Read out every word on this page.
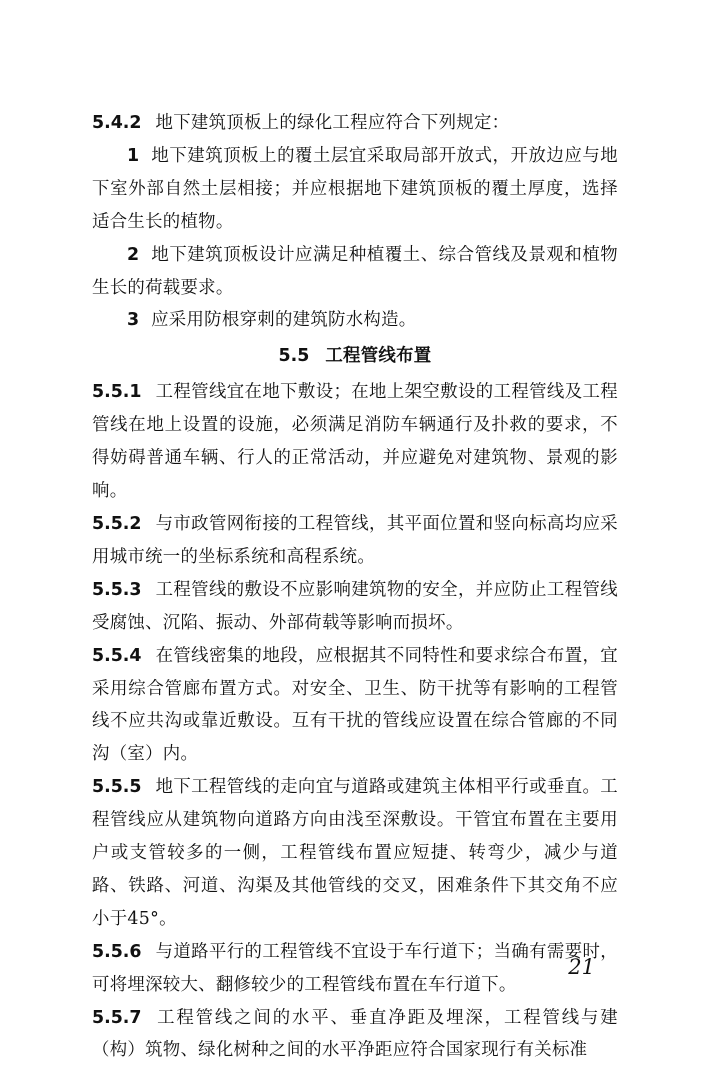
5.4.2 地下建筑顶板上的绿化工程应符合下列规定：

1 地下建筑顶板上的覆土层宜采取局部开放式，开放边应与地下室外部自然土层相接；并应根据地下建筑顶板的覆土厚度，选择适合生长的植物。

2 地下建筑顶板设计应满足种植覆土、综合管线及景观和植物生长的荷载要求。

3 应采用防根穿刺的建筑防水构造。

5.5 工程管线布置

5.5.1 工程管线宜在地下敷设；在地上架空敷设的工程管线及工程管线在地上设置的设施，必须满足消防车辆通行及扑救的要求，不得妨碍普通车辆、行人的正常活动，并应避免对建筑物、景观的影响。

5.5.2 与市政管网衔接的工程管线，其平面位置和竖向标高均应采用城市统一的坐标系统和高程系统。

5.5.3 工程管线的敷设不应影响建筑物的安全，并应防止工程管线受腐蚀、沉陷、振动、外部荷载等影响而损坏。

5.5.4 在管线密集的地段，应根据其不同特性和要求综合布置，宜采用综合管廊布置方式。对安全、卫生、防干扰等有影响的工程管线不应共沟或靠近敷设。互有干扰的管线应设置在综合管廊的不同沟（室）内。

5.5.5 地下工程管线的走向宜与道路或建筑主体相平行或垂直。工程管线应从建筑物向道路方向由浅至深敷设。干管宜布置在主要用户或支管较多的一侧，工程管线布置应短捷、转弯少，减少与道路、铁路、河道、沟渠及其他管线的交叉，困难条件下其交角不应小于45°。

5.5.6 与道路平行的工程管线不宜设于车行道下；当确有需要时，可将埋深较大、翻修较少的工程管线布置在车行道下。

5.5.7 工程管线之间的水平、垂直净距及埋深，工程管线与建（构）筑物、绿化树种之间的水平净距应符合国家现行有关标准

21
